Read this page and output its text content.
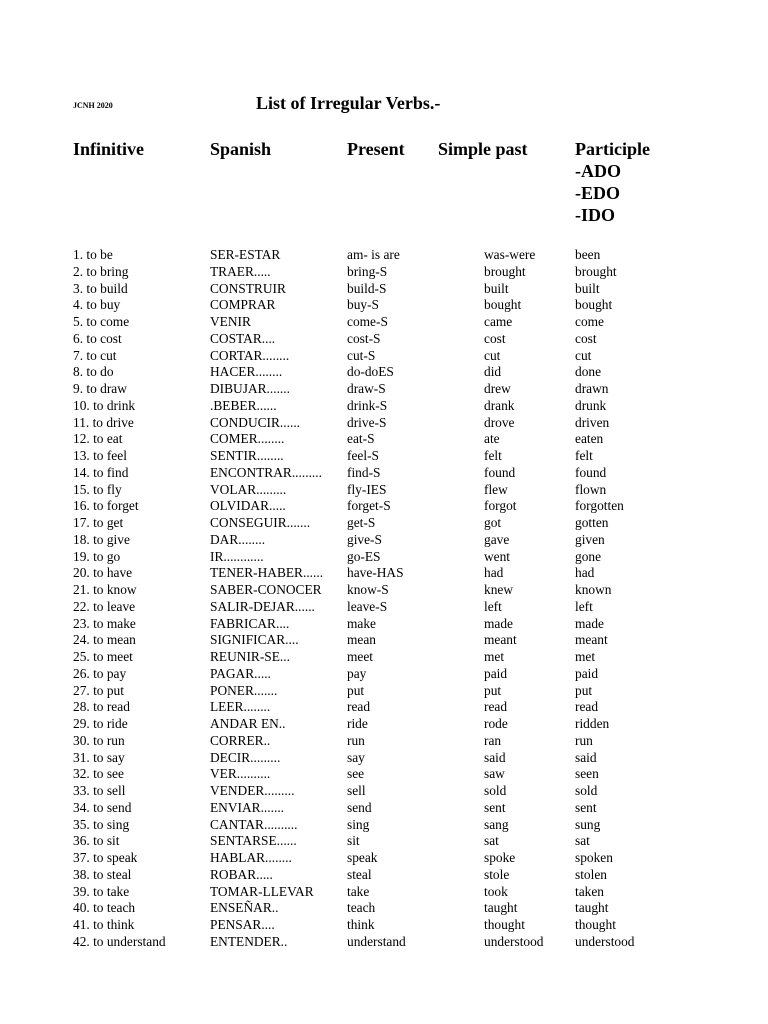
JCNH 2020	List of Irregular Verbs.-
Infinitive	Spanish	Present Simple past	Participle
-ADO
-EDO
-IDO
1. to be	SER-ESTAR	am- is are	was-were	been
2. to bring	TRAER.....	bring-S	brought	brought
3. to build	CONSTRUIR	build-S	built	built
4. to buy	COMPRAR	buy-S	bought	bought
5. to come	VENIR	come-S	came	come
6. to cost	COSTAR....	cost-S	cost	cost
7. to cut	CORTAR........	cut-S	cut	cut
8. to do	HACER........	do-doES	did	done
9. to draw	DIBUJAR.......	draw-S	drew	drawn
10. to drink	.BEBER......	drink-S	drank	drunk
11. to drive	CONDUCIR......	drive-S	drove	driven
12. to eat	COMER........	eat-S	ate	eaten
13. to feel	SENTIR........	feel-S	felt	felt
14. to find	ENCONTRAR......... find-S	found	found
15. to fly	VOLAR.........	fly-IES	flew	flown
16. to forget	OLVIDAR.....	forget-S	forgot	forgotten
17. to get	CONSEGUIR.......	get-S	got	gotten
18. to give	DAR........	give-S	gave	given
19. to go	IR............	go-ES	went	gone
20. to have	TENER-HABER...... have-HAS	had	had
21. to know	SABER-CONOCER know-S	knew	known
22. to leave	SALIR-DEJAR...... leave-S	left	left
23. to make	FABRICAR....	make	made	made
24. to mean	SIGNIFICAR....	mean	meant	meant
25. to meet	REUNIR-SE...	meet	met	met
26. to pay	PAGAR.....	pay	paid	paid
27. to put	PONER.......	put	put	put
28. to read	LEER........	read	read	read
29. to ride	ANDAR EN..	ride	rode	ridden
30. to run	CORRER..	run	ran	run
31. to say	DECIR.........	say	said	said
32. to see	VER..........	see	saw	seen
33. to sell	VENDER.........	sell	sold	sold
34. to send	ENVIAR.......	send	sent	sent
35. to sing	CANTAR..........	sing	sang	sung
36. to sit	SENTARSE......	sit	sat	sat
37. to speak	HABLAR........	speak	spoke	spoken
38. to steal	ROBAR.....	steal	stole	stolen
39. to take	TOMAR-LLEVAR take	took	taken
40. to teach	ENSEÑAR..	teach	taught	taught
41. to think	PENSAR....	think	thought	thought
42. to understand	ENTENDER..	understand	understood understood
